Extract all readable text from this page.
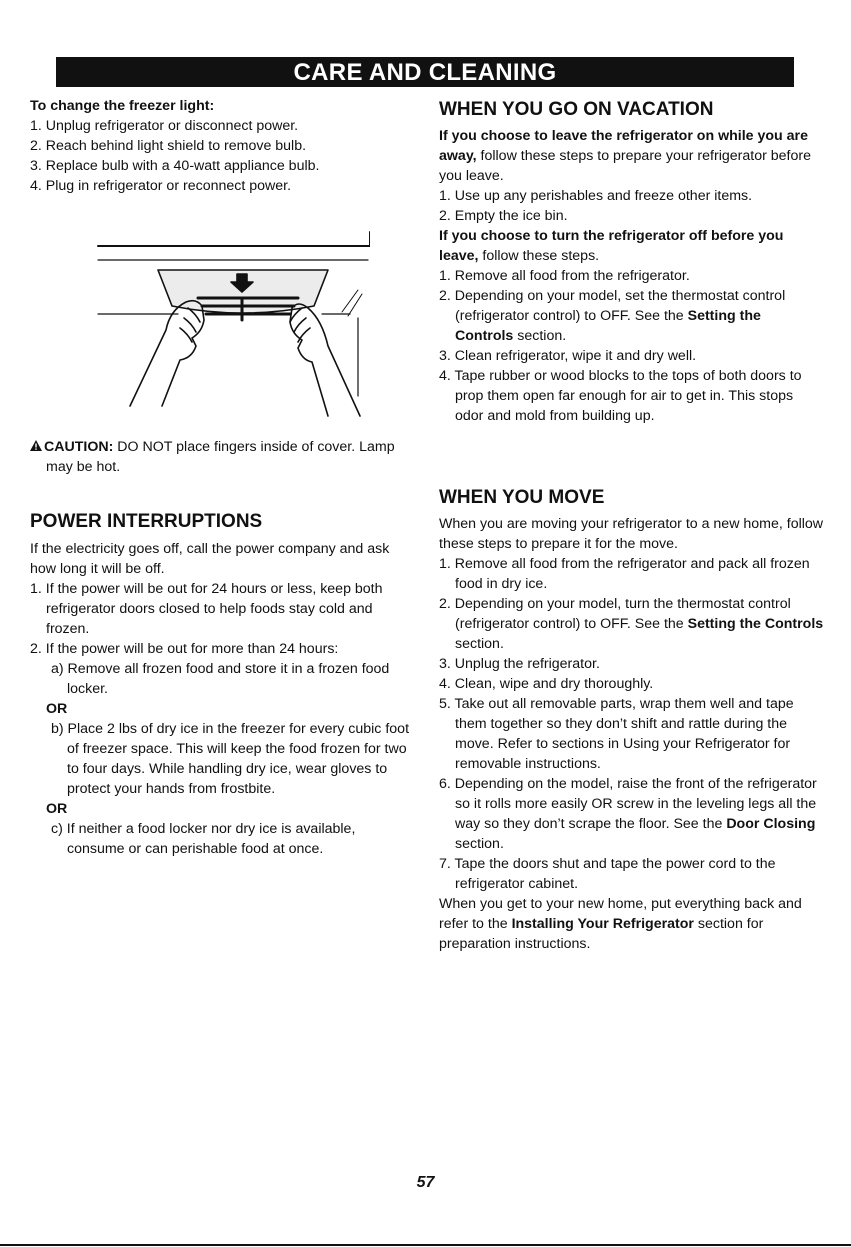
CARE AND CLEANING

To change the freezer light:

1. Unplug refrigerator or disconnect power.

2. Reach behind light shield to remove bulb.

3. Replace bulb with a 40-watt appliance bulb.

4. Plug in refrigerator or reconnect power.

CAUTION: DO NOT place fingers inside of cover. Lamp may be hot.

POWER INTERRUPTIONS

If the electricity goes off, call the power company and ask how long it will be off.

1. If the power will be out for 24 hours or less, keep both refrigerator doors closed to help foods stay cold and frozen.

2. If the power will be out for more than 24 hours:

a) Remove all frozen food and store it in a frozen food locker.

OR

b) Place 2 lbs of dry ice in the freezer for every cubic foot of freezer space. This will keep the food frozen for two to four days. While handling dry ice, wear gloves to protect your hands from frostbite.

OR

c) If neither a food locker nor dry ice is available, consume or can perishable food at once.

WHEN YOU GO ON VACATION

If you choose to leave the refrigerator on while you are away, follow these steps to prepare your refrigerator before you leave.

1. Use up any perishables and freeze other items.

2. Empty the ice bin.

If you choose to turn the refrigerator off before you leave, follow these steps.

1. Remove all food from the refrigerator.

2. Depending on your model, set the thermostat control (refrigerator control) to OFF. See the Setting the Controls section.

3. Clean refrigerator, wipe it and dry well.

4. Tape rubber or wood blocks to the tops of both doors to prop them open far enough for air to get in. This stops odor and mold from building up.

WHEN YOU MOVE

When you are moving your refrigerator to a new home, follow these steps to prepare it for the move.

1. Remove all food from the refrigerator and pack all frozen food in dry ice.

2. Depending on your model, turn the thermostat control (refrigerator control) to OFF. See the Setting the Controls section.

3. Unplug the refrigerator.

4. Clean, wipe and dry thoroughly.

5. Take out all removable parts, wrap them well and tape them together so they don’t shift and rattle during the move. Refer to sections in Using your Refrigerator for removable instructions.

6. Depending on the model, raise the front of the refrigerator so it rolls more easily OR screw in the leveling legs all the way so they don’t scrape the floor. See the Door Closing section.

7. Tape the doors shut and tape the power cord to the refrigerator cabinet.

When you get to your new home, put everything back and refer to the Installing Your Refrigerator section for preparation instructions.

57
